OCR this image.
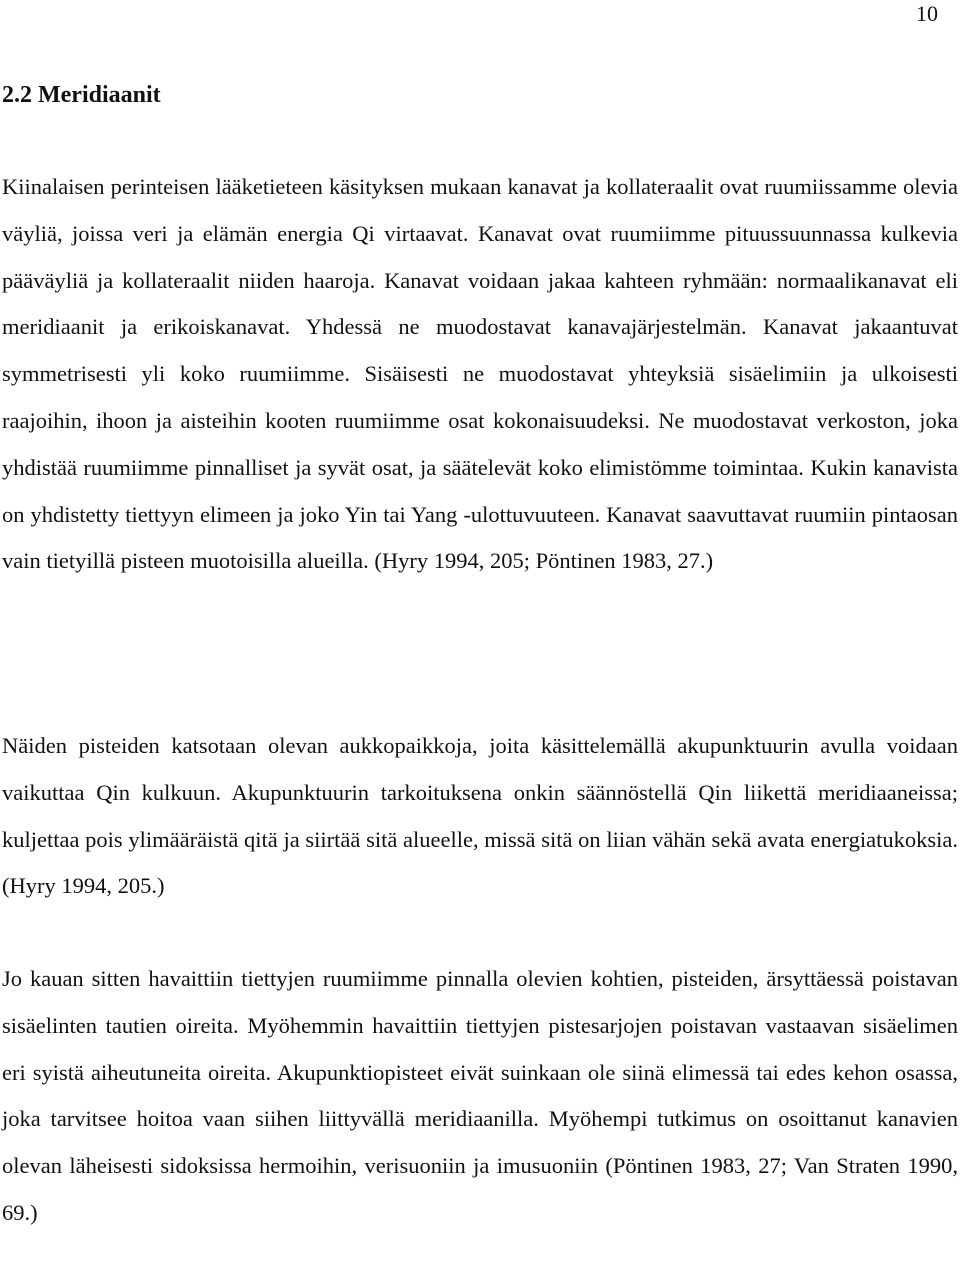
10
2.2 Meridiaanit

Kiinalaisen perinteisen lääketieteen käsityksen mukaan kanavat ja kollateraalit ovat ruumiissamme olevia väyliä, joissa veri ja elämän energia Qi virtaavat. Kanavat ovat ruumiimme pituussuunnassa kulkevia pääväyliä ja kollateraalit niiden haaroja. Kanavat voidaan jakaa kahteen ryhmään: normaalikanavat eli meridiaanit ja erikoiskanavat. Yhdessä ne muodostavat kanavajärjestelmän. Kanavat jakaantuvat symmetrisesti yli koko ruumiimme. Sisäisesti ne muodostavat yhteyksiä sisäelimiin ja ulkoisesti raajoihin, ihoon ja aisteihin kooten ruumiimme osat kokonaisuudeksi. Ne muodostavat verkoston, joka yhdistää ruumiimme pinnalliset ja syvät osat, ja säätelevät koko elimistömme toimintaa. Kukin kanavista on yhdistetty tiettyyn elimeen ja joko Yin tai Yang -ulottuvuuteen. Kanavat saavuttavat ruumiin pintaosan vain tietyillä pisteen muotoisilla alueilla. (Hyry 1994, 205; Pöntinen 1983, 27.)

Näiden pisteiden katsotaan olevan aukkopaikkoja, joita käsittelemällä akupunktuurin avulla voidaan vaikuttaa Qin kulkuun. Akupunktuurin tarkoituksena onkin säännöstellä Qin liikettä meridiaaneissa; kuljettaa pois ylimääräistä qitä ja siirtää sitä alueelle, missä sitä on liian vähän sekä avata energiatukoksia. (Hyry 1994, 205.)

Jo kauan sitten havaittiin tiettyjen ruumiimme pinnalla olevien kohtien, pisteiden, ärsyttäessä poistavan sisäelinten tautien oireita. Myöhemmin havaittiin tiettyjen pistesarjojen poistavan vastaavan sisäelimen eri syistä aiheutuneita oireita. Akupunktiopisteet eivät suinkaan ole siinä elimessä tai edes kehon osassa, joka tarvitsee hoitoa vaan siihen liittyvällä meridiaanilla. Myöhempi tutkimus on osoittanut kanavien olevan läheisesti sidoksissa hermoihin, verisuoniin ja imusuoniin (Pöntinen 1983, 27; Van Straten 1990, 69.)
